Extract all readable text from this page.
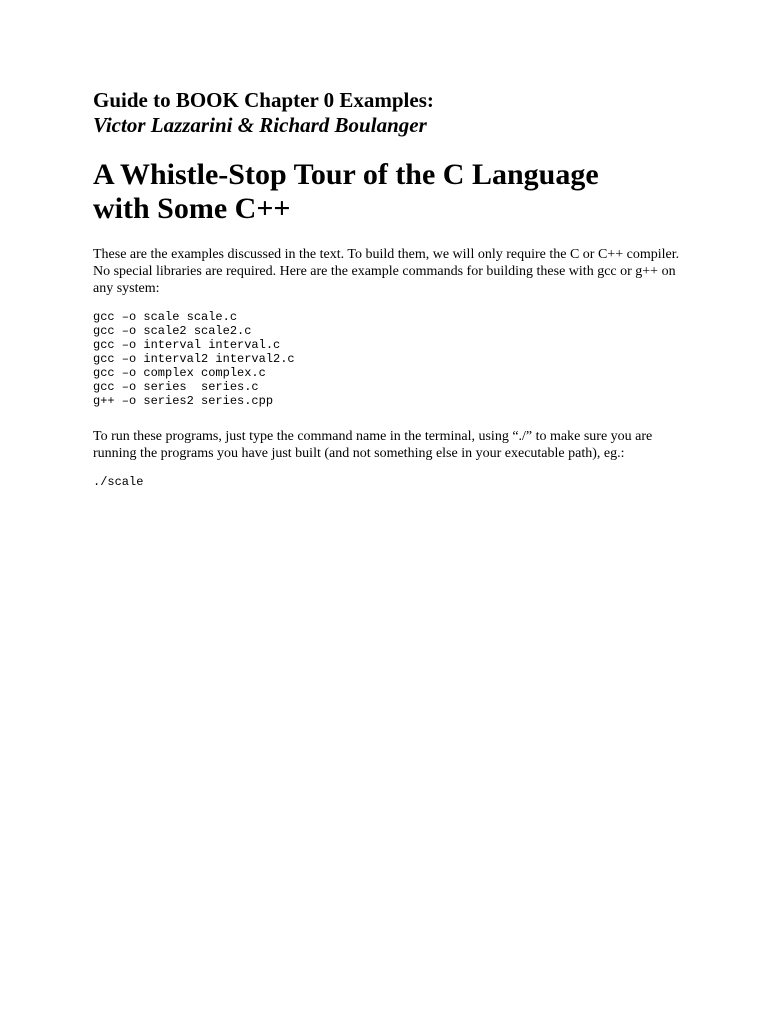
Guide to BOOK Chapter 0 Examples:

Victor Lazzarini & Richard Boulanger

A Whistle-Stop Tour of the C Language
with Some C++

These are the examples discussed in the text. To build them, we will only require the C or C++ compiler. No special libraries are required. Here are the example commands for building these with gcc or g++ on any system:

gcc –o scale scale.c

gcc –o scale2 scale2.c

gcc –o interval interval.c

gcc –o interval2 interval2.c

gcc –o complex complex.c

gcc –o series  series.c

g++ –o series2 series.cpp

To run these programs, just type the command name in the terminal, using “./” to make sure you are running the programs you have just built (and not something else in your executable path), eg.:

./scale
